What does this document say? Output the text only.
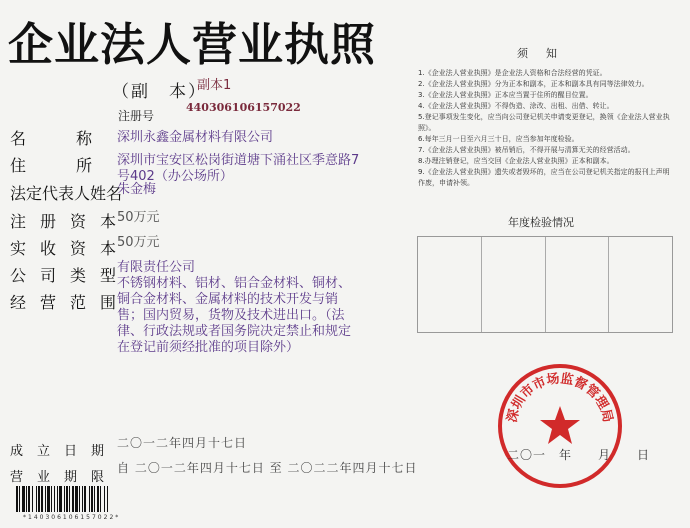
企业法人营业执照
（副　本）
副本1
注册号
440306106157022
名称
深圳永鑫金属材料有限公司
住所
深圳市宝安区松岗街道塘下涌社区季意路7号402（办公场所）
法定代表人姓名
朱金梅
注册资本
50万元
实收资本
50万元
公司类型
有限责任公司
经营范围
不锈钢材料、铝材、铝合金材料、铜材、铜合金材料、金属材料的技术开发与销售；国内贸易，货物及技术进出口。（法律、行政法规或者国务院决定禁止和规定在登记前须经批准的项目除外）
成立日期
二〇一二年四月十七日
营业期限
自 二〇一二年四月十七日 至 二〇二二年四月十七日
须知
1.《企业法人营业执照》是企业法人资格和合法经营的凭证。
2.《企业法人营业执照》分为正本和副本，正本和副本具有同等法律效力。
3.《企业法人营业执照》正本应当置于住所的醒目位置。
4.《企业法人营业执照》不得伪造、涂改、出租、出借、转让。
5.登记事项发生变化，应当向公司登记机关申请变更登记，换领《企业法人营业执照》。
6.每年三月一日至六月三十日，应当参加年度检验。
7.《企业法人营业执照》被吊销后，不得开展与清算无关的经营活动。
8.办理注销登记，应当交回《企业法人营业执照》正本和副本。
9.《企业法人营业执照》遗失或者毁坏的，应当在公司登记机关指定的报刊上声明作废，申请补领。
年度检验情况
深圳市市场监督管理局
二〇一　年　　月　　日
*140306106157022*
